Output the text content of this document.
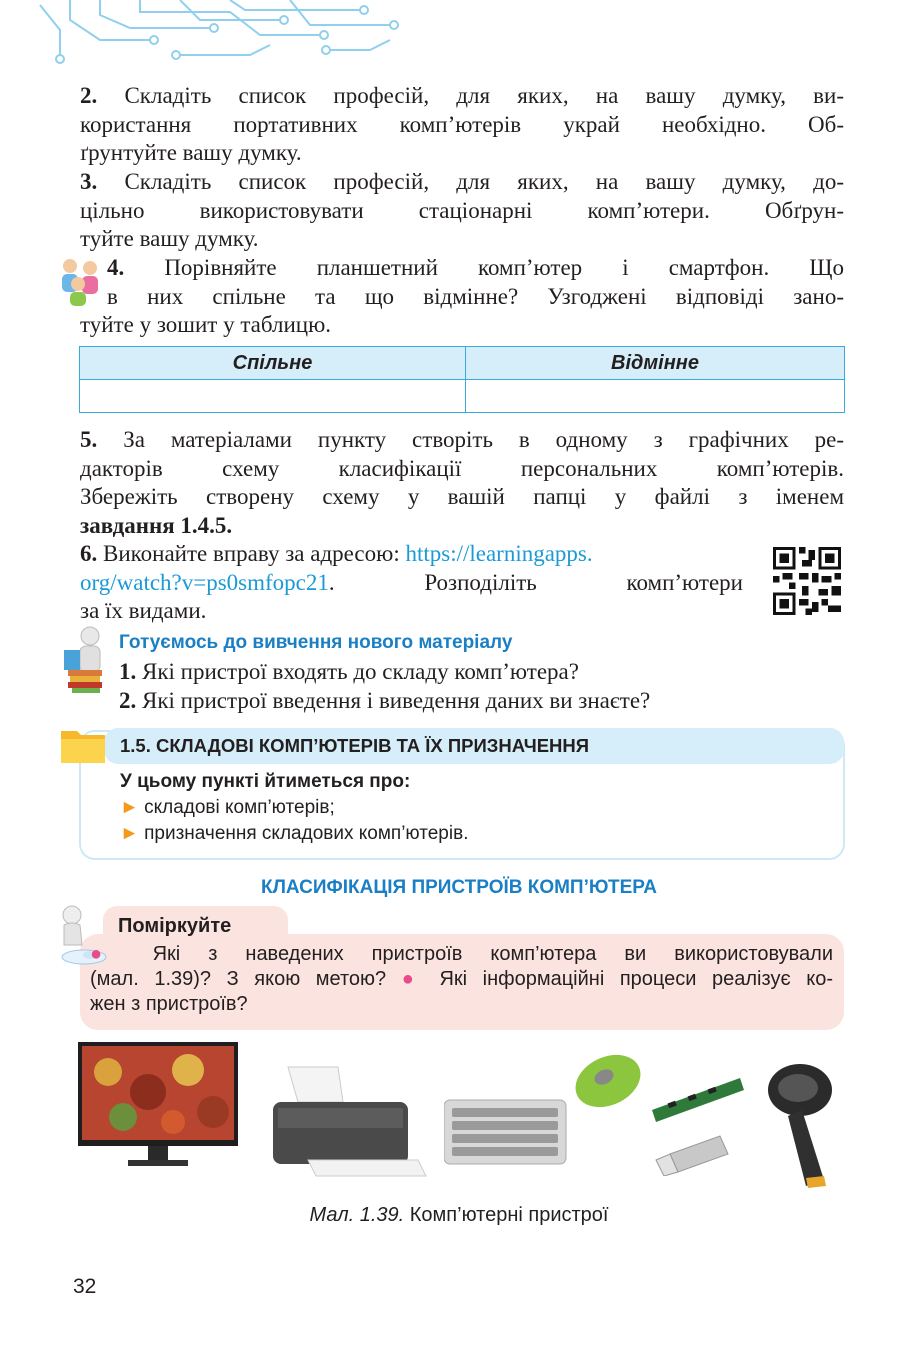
2. Складіть список професій, для яких, на вашу думку, ви-
користання портативних комп’ютерів украй необхідно. Об-
ґрунтуйте вашу думку.
3. Складіть список професій, для яких, на вашу думку, до-
цільно використовувати стаціонарні комп’ютери. Обґрун-
туйте вашу думку.
4. Порівняйте планшетний комп’ютер і смартфон. Що
в них спільне та що відмінне? Узгоджені відповіді зано-
туйте у зошит у таблицю.
Спільне	Відмінне

5. За матеріалами пункту створіть в одному з графічних ре-
дакторів схему класифікації персональних комп’ютерів.
Збережіть створену схему у вашій папці у файлі з іменем
завдання 1.4.5.
6. Виконайте вправу за адресою: https://learningapps.
org/watch?v=ps0smfopc21. Розподіліть комп’ютери
за їх видами.
Готуємось до вивчення нового матеріалу
1. Які пристрої входять до складу комп’ютера?
2. Які пристрої введення і виведення даних ви знаєте?
1.5. СКЛАДОВІ КОМП’ЮТЕРІВ ТА ЇХ ПРИЗНАЧЕННЯ
У цьому пункті йтиметься про:
► складові комп’ютерів;
► призначення складових комп’ютерів.
КЛАСИФІКАЦІЯ ПРИСТРОЇВ КОМП’ЮТЕРА
Поміркуйте
● Які з наведених пристроїв комп’ютера ви використовували
(мал. 1.39)? З якою метою? ● Які інформаційні процеси реалізує ко-
жен з пристроїв?
Мал. 1.39. Комп’ютерні пристрої
32
